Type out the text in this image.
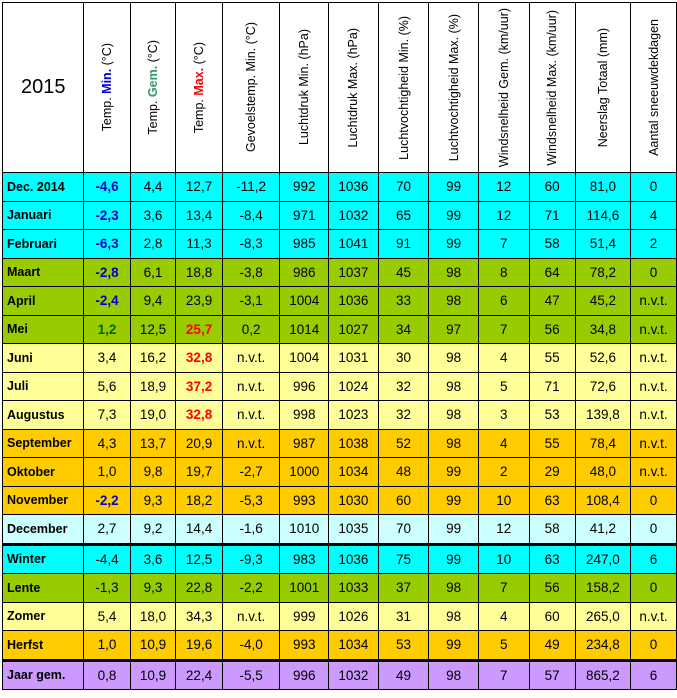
2015	Temp. Min. (°C)	Temp. Gem. (°C)	Temp. Max. (°C)	Gevoelstemp. Min. (°C)	Luchtdruk Min. (hPa)	Luchtdruk Max. (hPa)	Luchtvochtigheid Min. (%)	Luchtvochtigheid Max. (%)	Windsnelheid Gem. (km/uur)	Windsnelheid Max. (km/uur)	Neerslag Totaal (mm)	Aantal sneeuwdekdagen

Dec. 2014	-4,6	4,4	12,7	-11,2	992	1036	70	99	12	60	81,0	0
Januari	-2,3	3,6	13,4	-8,4	971	1032	65	99	12	71	114,6	4
Februari	-6,3	2,8	11,3	-8,3	985	1041	91	99	7	58	51,4	2
Maart	-2,8	6,1	18,8	-3,8	986	1037	45	98	8	64	78,2	0
April	-2,4	9,4	23,9	-3,1	1004	1036	33	98	6	47	45,2	n.v.t.
Mei	1,2	12,5	25,7	0,2	1014	1027	34	97	7	56	34,8	n.v.t.
Juni	3,4	16,2	32,8	n.v.t.	1004	1031	30	98	4	55	52,6	n.v.t.
Juli	5,6	18,9	37,2	n.v.t.	996	1024	32	98	5	71	72,6	n.v.t.
Augustus	7,3	19,0	32,8	n.v.t.	998	1023	32	98	3	53	139,8	n.v.t.
September	4,3	13,7	20,9	n.v.t.	987	1038	52	98	4	55	78,4	n.v.t.
Oktober	1,0	9,8	19,7	-2,7	1000	1034	48	99	2	29	48,0	n.v.t.
November	-2,2	9,3	18,2	-5,3	993	1030	60	99	10	63	108,4	0
December	2,7	9,2	14,4	-1,6	1010	1035	70	99	12	58	41,2	0
Winter	-4,4	3,6	12,5	-9,3	983	1036	75	99	10	63	247,0	6
Lente	-1,3	9,3	22,8	-2,2	1001	1033	37	98	7	56	158,2	0
Zomer	5,4	18,0	34,3	n.v.t.	999	1026	31	98	4	60	265,0	n.v.t.
Herfst	1,0	10,9	19,6	-4,0	993	1034	53	99	5	49	234,8	0
Jaar gem.	0,8	10,9	22,4	-5,5	996	1032	49	98	7	57	865,2	6
